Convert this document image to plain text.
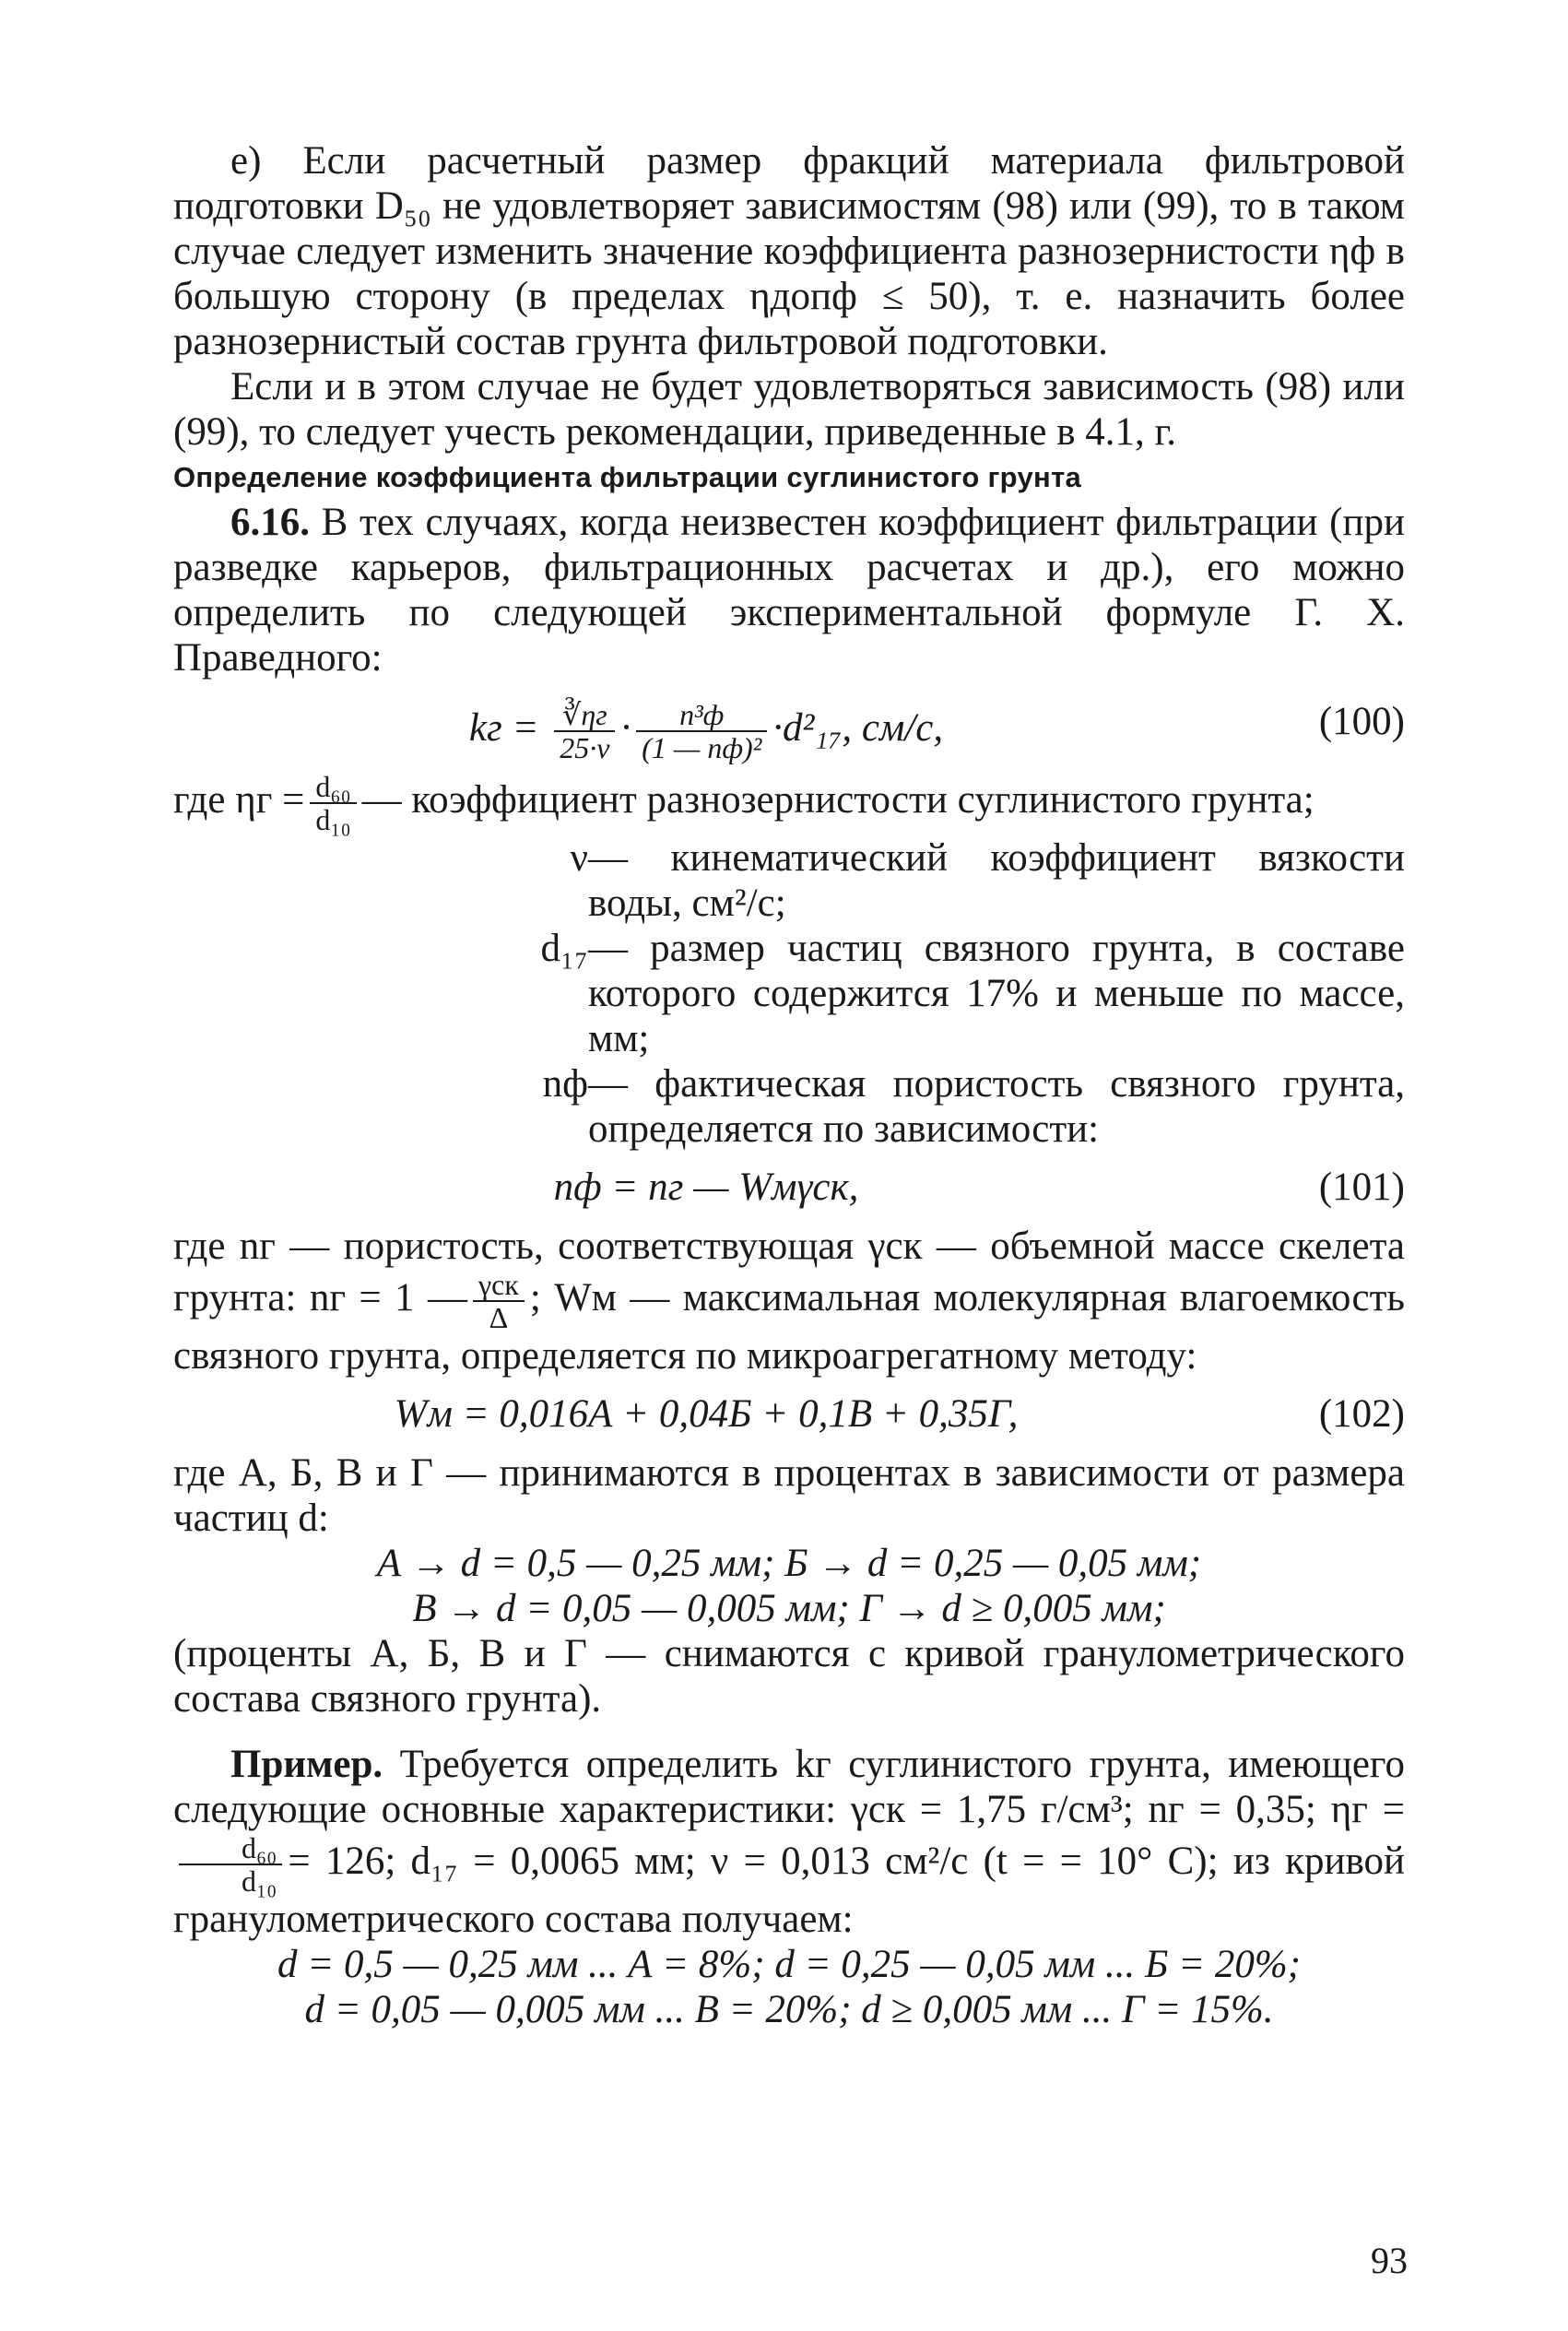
е) Если расчетный размер фракций материала фильтровой подготовки D₅₀ не удовлетворяет зависимостям (98) или (99), то в таком случае следует изменить значение коэффициента разнозернистости ηф в большую сторону (в пределах ηдопф ≤ 50), т. е. назначить более разнозернистый состав грунта фильтровой подготовки.

Если и в этом случае не будет удовлетворяться зависимость (98) или (99), то следует учесть рекомендации, приведенные в 4.1, г.

Определение коэффициента фильтрации суглинистого грунта

6.16. В тех случаях, когда неизвестен коэффициент фильтрации (при разведке карьеров, фильтрационных расчетах и др.), его можно определить по следующей экспериментальной формуле Г. Х. Праведного:

kг = $\frac{∛\eta г}{25\cdot\nu} \cdot \frac{\text{n³ф}}{\text{(1 — nф)²}} \cdot d^2_{17}$, см/с,	(100)

где $\eta г = \frac{\text{d₆₀}}{\text{d₁₀}}$ — коэффициент разнозернистости суглинистого грунта;

ν — кинематический коэффициент вязкости воды, см²/с;
d₁₇ — размер частиц связного грунта, в составе которого содержится 17% и меньше по массе, мм;
nф — фактическая пористость связного грунта, определяется по зависимости:
nф = nг — Wмγск,	(101)

где nг — пористость, соответствующая γск — объемной массе скелета грунта: nг = 1 — $\frac{\text{γск}}{\Delta}$ ; Wм — максимальная молекулярная влагоемкость связного грунта, определяется по микроагрегатному методу:

Wм = 0,016А + 0,04Б + 0,1В + 0,35Г,	(102)

где А, Б, В и Г — принимаются в процентах в зависимости от размера частиц d:

А → d = 0,5 — 0,25 мм; Б → d = 0,25 — 0,05 мм;

В → d = 0,05 — 0,005 мм; Г → d ≥ 0,005 мм;

(проценты А, Б, В и Г — снимаются с кривой гранулометрического состава связного грунта).

Пример. Требуется определить kг суглинистого грунта, имеющего следующие основные характеристики: γск = 1,75 г/см³; nг = 0,35; ηг =
$\frac{\text{d₆₀}}{\text{d₁₀}} = 126$; d₁₇ = 0,0065 мм; ν = 0,013 см²/с (t = = 10° С); из кривой гранулометрического состава получаем:

d = 0,5 — 0,25 мм ... А = 8%; d = 0,25 — 0,05 мм ... Б = 20%;

d = 0,05 — 0,005 мм ... В = 20%; d ≥ 0,005 мм ... Г = 15%.

93
